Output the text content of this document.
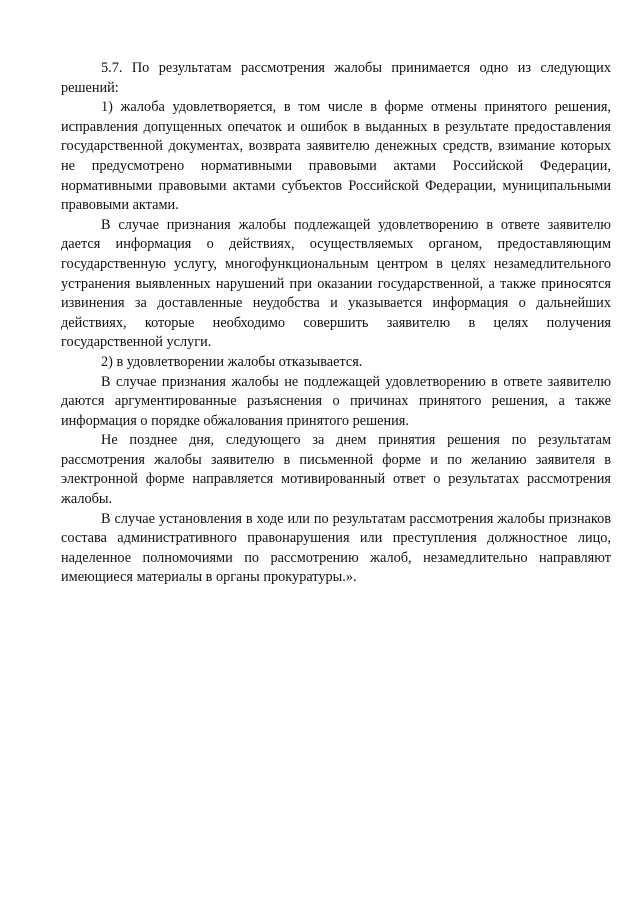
5.7. По результатам рассмотрения жалобы принимается одно из следующих решений:

1) жалоба удовлетворяется, в том числе в форме отмены принятого решения, исправления допущенных опечаток и ошибок в выданных в результате предоставления государственной документах, возврата заявителю денежных средств, взимание которых не предусмотрено нормативными правовыми актами Российской Федерации, нормативными правовыми актами субъектов Российской Федерации, муниципальными правовыми актами.

В случае признания жалобы подлежащей удовлетворению в ответе заявителю дается информация о действиях, осуществляемых органом, предоставляющим государственную услугу, многофункциональным центром в целях незамедлительного устранения выявленных нарушений при оказании государственной, а также приносятся извинения за доставленные неудобства и указывается информация о дальнейших действиях, которые необходимо совершить заявителю в целях получения государственной услуги.

2) в удовлетворении жалобы отказывается.

В случае признания жалобы не подлежащей удовлетворению в ответе заявителю даются аргументированные разъяснения о причинах принятого решения, а также информация о порядке обжалования принятого решения.

Не позднее дня, следующего за днем принятия решения по результатам рассмотрения жалобы заявителю в письменной форме и по желанию заявителя в электронной форме направляется мотивированный ответ о результатах рассмотрения жалобы.

В случае установления в ходе или по результатам рассмотрения жалобы признаков состава административного правонарушения или преступления должностное лицо, наделенное полномочиями по рассмотрению жалоб, незамедлительно направляют имеющиеся материалы в органы прокуратуры.».
